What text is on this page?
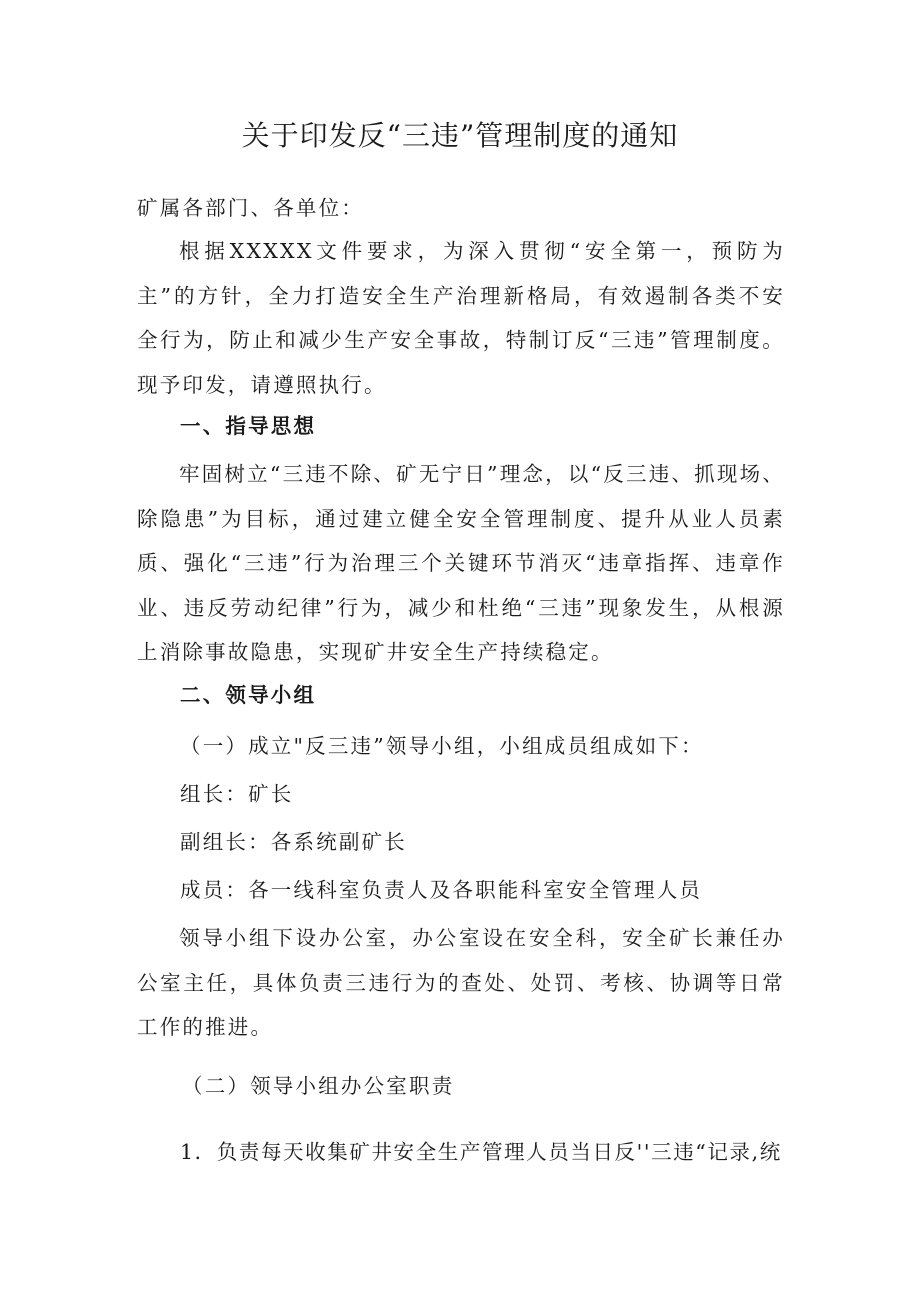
关于印发反“三违”管理制度的通知

矿属各部门、各单位：

根据XXXXX文件要求，为深入贯彻“安全第一，预防为主”的方针，全力打造安全生产治理新格局，有效遏制各类不安全行为，防止和减少生产安全事故，特制订反“三违”管理制度。现予印发，请遵照执行。

一、指导思想

牢固树立“三违不除、矿无宁日”理念，以“反三违、抓现场、除隐患”为目标，通过建立健全安全管理制度、提升从业人员素质、强化“三违”行为治理三个关键环节消灭“违章指挥、违章作业、违反劳动纪律”行为，减少和杜绝“三违”现象发生，从根源上消除事故隐患，实现矿井安全生产持续稳定。

二、领导小组

（一）成立"反三违”领导小组，小组成员组成如下：

组长：矿长

副组长：各系统副矿长

成员：各一线科室负责人及各职能科室安全管理人员

领导小组下设办公室，办公室设在安全科，安全矿长兼任办公室主任，具体负责三违行为的查处、处罚、考核、协调等日常工作的推进。

（二）领导小组办公室职责

1．负责每天收集矿井安全生产管理人员当日反''三违“记录,统
